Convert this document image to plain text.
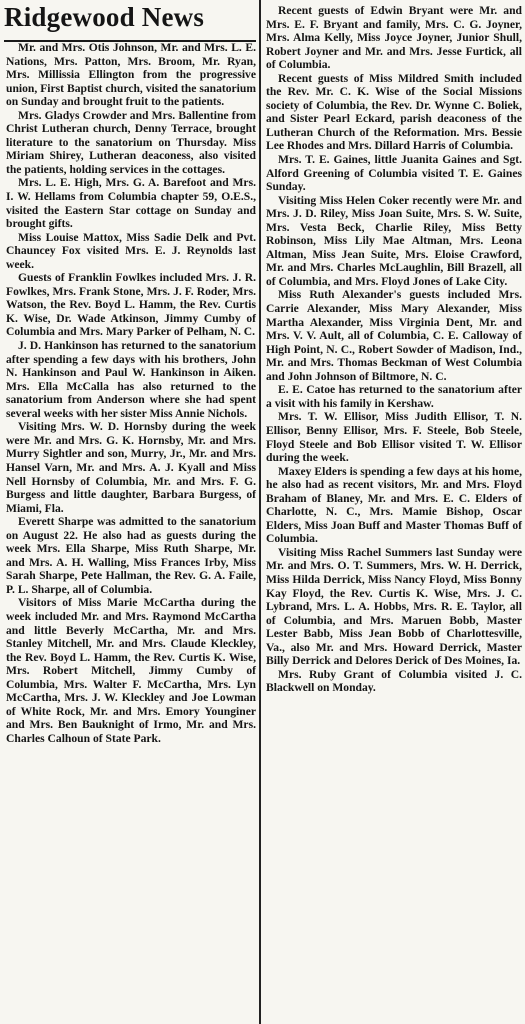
Ridgewood News

Mr. and Mrs. Otis Johnson, Mr. and Mrs. L. E. Nations, Mrs. Patton, Mrs. Broom, Mr. Ryan, Mrs. Millissia Ellington from the progressive union, First Baptist church, visited the sanatorium on Sunday and brought fruit to the patients.

Mrs. Gladys Crowder and Mrs. Ballentine from Christ Lutheran church, Denny Terrace, brought literature to the sanatorium on Thursday. Miss Miriam Shirey, Lutheran deaconess, also visited the patients, holding services in the cottages.

Mrs. L. E. High, Mrs. G. A. Barefoot and Mrs. I. W. Hellams from Columbia chapter 59, O.E.S., visited the Eastern Star cottage on Sunday and brought gifts.

Miss Louise Mattox, Miss Sadie Delk and Pvt. Chauncey Fox visited Mrs. E. J. Reynolds last week.

Guests of Franklin Fowlkes included Mrs. J. R. Fowlkes, Mrs. Frank Stone, Mrs. J. F. Roder, Mrs. Watson, the Rev. Boyd L. Hamm, the Rev. Curtis K. Wise, Dr. Wade Atkinson, Jimmy Cumby of Columbia and Mrs. Mary Parker of Pelham, N. C.

J. D. Hankinson has returned to the sanatorium after spending a few days with his brothers, John N. Hankinson and Paul W. Hankinson in Aiken. Mrs. Ella McCalla has also returned to the sanatorium from Anderson where she had spent several weeks with her sister Miss Annie Nichols.

Visiting Mrs. W. D. Hornsby during the week were Mr. and Mrs. G. K. Hornsby, Mr. and Mrs. Murry Sightler and son, Murry, Jr., Mr. and Mrs. Hansel Varn, Mr. and Mrs. A. J. Kyall and Miss Nell Hornsby of Columbia, Mr. and Mrs. F. G. Burgess and little daughter, Barbara Burgess, of Miami, Fla.

Everett Sharpe was admitted to the sanatorium on August 22. He also had as guests during the week Mrs. Ella Sharpe, Miss Ruth Sharpe, Mr. and Mrs. A. H. Walling, Miss Frances Irby, Miss Sarah Sharpe, Pete Hallman, the Rev. G. A. Faile, P. L. Sharpe, all of Columbia.

Visitors of Miss Marie McCartha during the week included Mr. and Mrs. Raymond McCartha and little Beverly McCartha, Mr. and Mrs. Stanley Mitchell, Mr. and Mrs. Claude Kleckley, the Rev. Boyd L. Hamm, the Rev. Curtis K. Wise, Mrs. Robert Mitchell, Jimmy Cumby of Columbia, Mrs. Walter F. McCartha, Mrs. Lyn McCartha, Mrs. J. W. Kleckley and Joe Lowman of White Rock, Mr. and Mrs. Emory Younginer and Mrs. Ben Bauknight of Irmo, Mr. and Mrs. Charles Calhoun of State Park.

Recent guests of Edwin Bryant were Mr. and Mrs. E. F. Bryant and family, Mrs. C. G. Joyner, Mrs. Alma Kelly, Miss Joyce Joyner, Junior Shull, Robert Joyner and Mr. and Mrs. Jesse Furtick, all of Columbia.

Recent guests of Miss Mildred Smith included the Rev. Mr. C. K. Wise of the Social Missions society of Columbia, the Rev. Dr. Wynne C. Boliek, and Sister Pearl Eckard, parish deaconess of the Lutheran Church of the Reformation. Mrs. Bessie Lee Rhodes and Mrs. Dillard Harris of Columbia.

Mrs. T. E. Gaines, little Juanita Gaines and Sgt. Alford Greening of Columbia visited T. E. Gaines Sunday.

Visiting Miss Helen Coker recently were Mr. and Mrs. J. D. Riley, Miss Joan Suite, Mrs. S. W. Suite, Mrs. Vesta Beck, Charlie Riley, Miss Betty Robinson, Miss Lily Mae Altman, Mrs. Leona Altman, Miss Jean Suite, Mrs. Eloise Crawford, Mr. and Mrs. Charles McLaughlin, Bill Brazell, all of Columbia, and Mrs. Floyd Jones of Lake City.

Miss Ruth Alexander's guests included Mrs. Carrie Alexander, Miss Mary Alexander, Miss Martha Alexander, Miss Virginia Dent, Mr. and Mrs. V. V. Ault, all of Columbia, C. E. Calloway of High Point, N. C., Robert Sowder of Madison, Ind., Mr. and Mrs. Thomas Beckman of West Columbia and John Johnson of Biltmore, N. C.

E. E. Catoe has returned to the sanatorium after a visit with his family in Kershaw.

Mrs. T. W. Ellisor, Miss Judith Ellisor, T. N. Ellisor, Benny Ellisor, Mrs. F. Steele, Bob Steele, Floyd Steele and Bob Ellisor visited T. W. Ellisor during the week.

Maxey Elders is spending a few days at his home, he also had as recent visitors, Mr. and Mrs. Floyd Braham of Blaney, Mr. and Mrs. E. C. Elders of Charlotte, N. C., Mrs. Mamie Bishop, Oscar Elders, Miss Joan Buff and Master Thomas Buff of Columbia.

Visiting Miss Rachel Summers last Sunday were Mr. and Mrs. O. T. Summers, Mrs. W. H. Derrick, Miss Hilda Derrick, Miss Nancy Floyd, Miss Bonny Kay Floyd, the Rev. Curtis K. Wise, Mrs. J. C. Lybrand, Mrs. L. A. Hobbs, Mrs. R. E. Taylor, all of Columbia, and Mrs. Maruen Bobb, Master Lester Babb, Miss Jean Bobb of Charlottesville, Va., also Mr. and Mrs. Howard Derrick, Master Billy Derrick and Delores Derick of Des Moines, Ia.

Mrs. Ruby Grant of Columbia visited J. C. Blackwell on Monday.
